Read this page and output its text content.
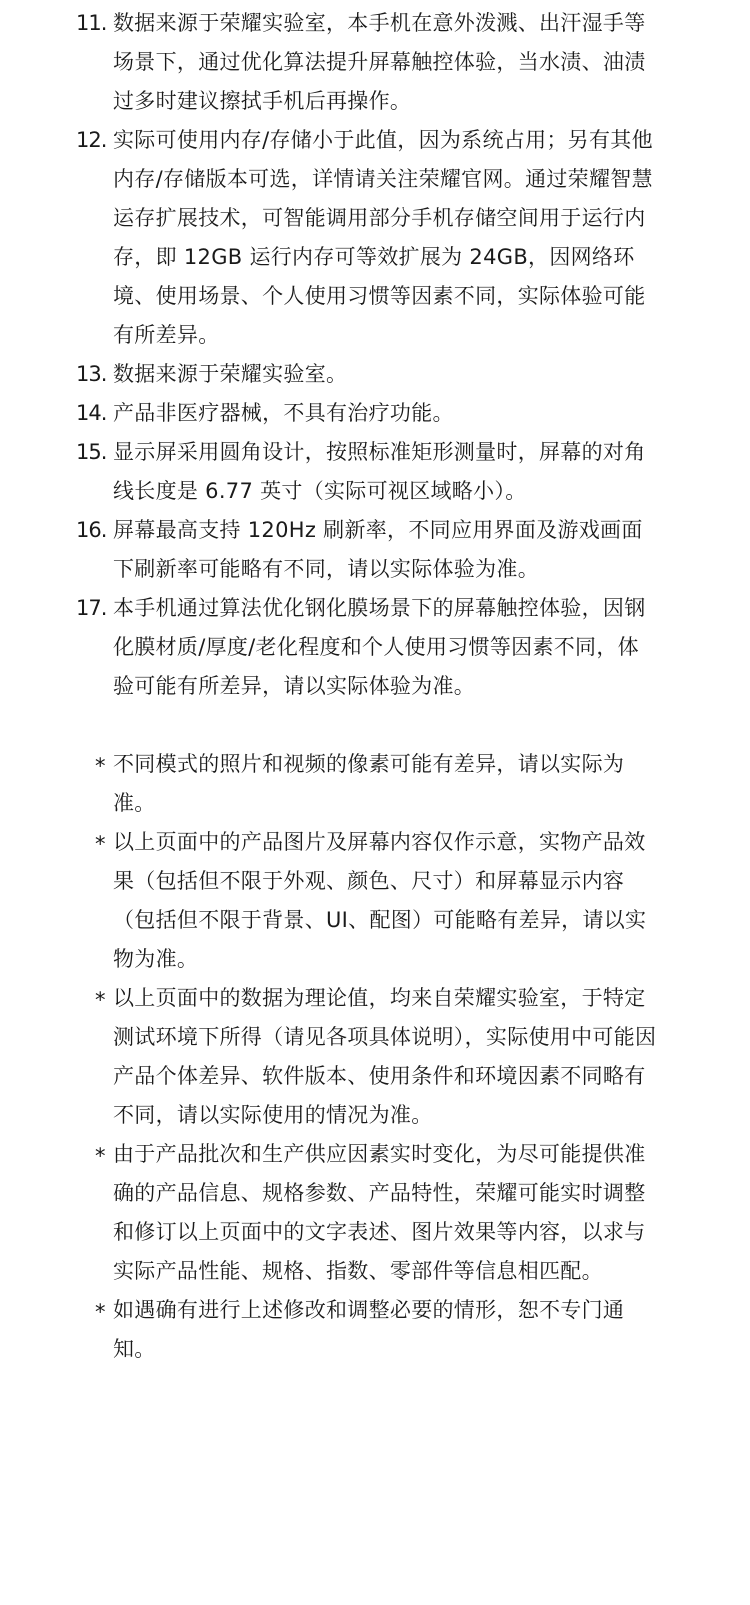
11. 数据来源于荣耀实验室，本手机在意外泼溅、出汗湿手等场景下，通过优化算法提升屏幕触控体验，当水渍、油渍过多时建议擦拭手机后再操作。
12. 实际可使用内存/存储小于此值，因为系统占用；另有其他内存/存储版本可选，详情请关注荣耀官网。通过荣耀智慧运存扩展技术，可智能调用部分手机存储空间用于运行内存，即 12GB 运行内存可等效扩展为 24GB，因网络环境、使用场景、个人使用习惯等因素不同，实际体验可能有所差异。
13. 数据来源于荣耀实验室。
14. 产品非医疗器械，不具有治疗功能。
15. 显示屏采用圆角设计，按照标准矩形测量时，屏幕的对角线长度是 6.77 英寸（实际可视区域略小）。
16. 屏幕最高支持 120Hz 刷新率，不同应用界面及游戏画面下刷新率可能略有不同，请以实际体验为准。
17. 本手机通过算法优化钢化膜场景下的屏幕触控体验，因钢化膜材质/厚度/老化程度和个人使用习惯等因素不同，体验可能有所差异，请以实际体验为准。
* 不同模式的照片和视频的像素可能有差异，请以实际为准。
* 以上页面中的产品图片及屏幕内容仅作示意，实物产品效果（包括但不限于外观、颜色、尺寸）和屏幕显示内容（包括但不限于背景、UI、配图）可能略有差异，请以实物为准。
* 以上页面中的数据为理论值，均来自荣耀实验室，于特定测试环境下所得（请见各项具体说明），实际使用中可能因产品个体差异、软件版本、使用条件和环境因素不同略有不同，请以实际使用的情况为准。
* 由于产品批次和生产供应因素实时变化，为尽可能提供准确的产品信息、规格参数、产品特性，荣耀可能实时调整和修订以上页面中的文字表述、图片效果等内容，以求与实际产品性能、规格、指数、零部件等信息相匹配。
* 如遇确有进行上述修改和调整必要的情形，恕不专门通知。
